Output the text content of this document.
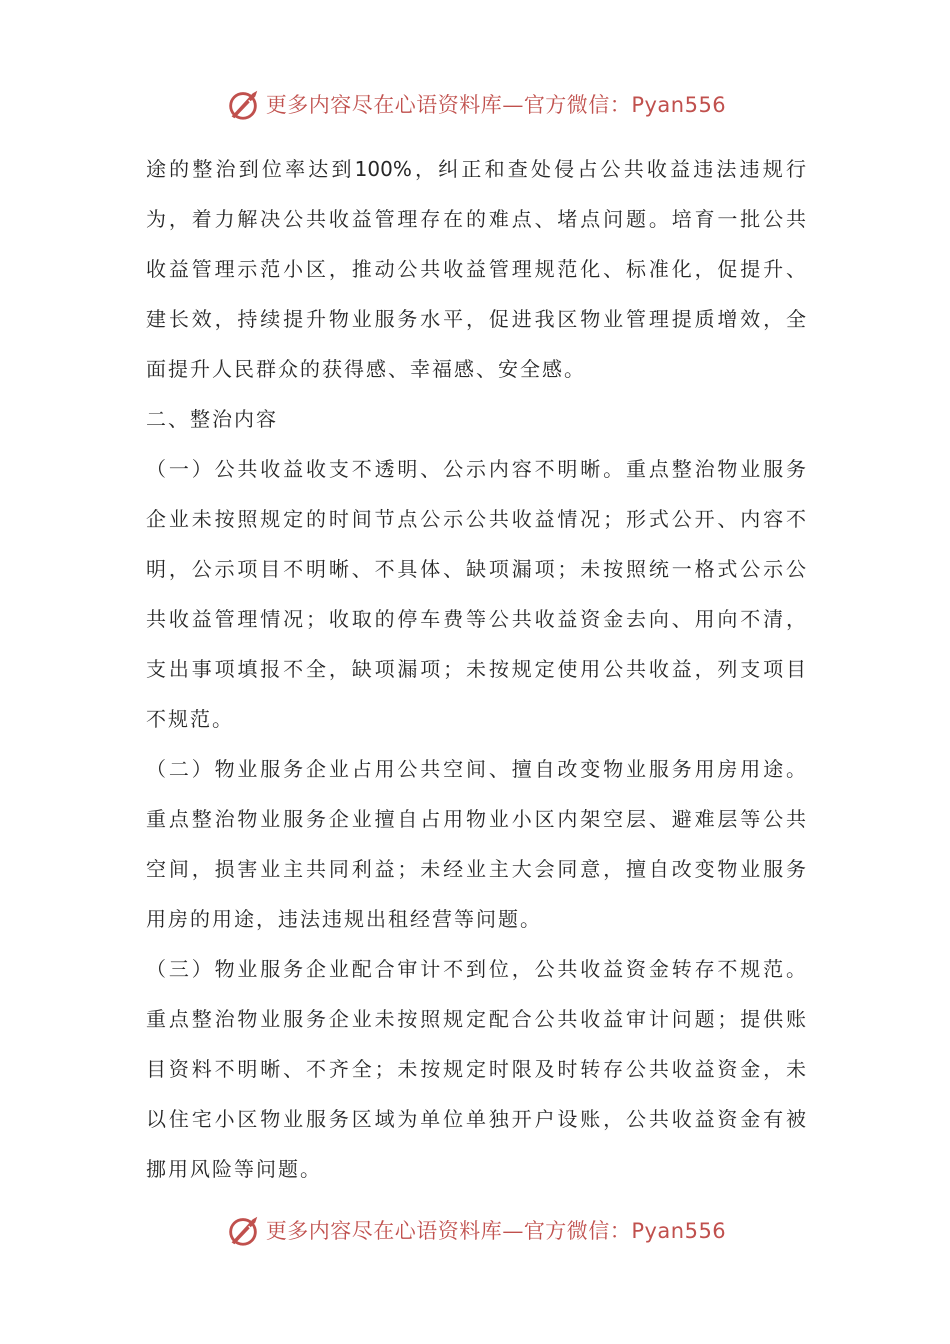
更多内容尽在心语资料库—官方微信：Pyan556
途的整治到位率达到100%，纠正和查处侵占公共收益违法违规行
为，着力解决公共收益管理存在的难点、堵点问题。培育一批公共
收益管理示范小区，推动公共收益管理规范化、标准化，促提升、
建长效，持续提升物业服务水平，促进我区物业管理提质增效，全
面提升人民群众的获得感、幸福感、安全感。
二、整治内容
（一）公共收益收支不透明、公示内容不明晰。重点整治物业服务
企业未按照规定的时间节点公示公共收益情况；形式公开、内容不
明，公示项目不明晰、不具体、缺项漏项；未按照统一格式公示公
共收益管理情况；收取的停车费等公共收益资金去向、用向不清，
支出事项填报不全，缺项漏项；未按规定使用公共收益，列支项目
不规范。
（二）物业服务企业占用公共空间、擅自改变物业服务用房用途。
重点整治物业服务企业擅自占用物业小区内架空层、避难层等公共
空间，损害业主共同利益；未经业主大会同意，擅自改变物业服务
用房的用途，违法违规出租经营等问题。
（三）物业服务企业配合审计不到位，公共收益资金转存不规范。
重点整治物业服务企业未按照规定配合公共收益审计问题；提供账
目资料不明晰、不齐全；未按规定时限及时转存公共收益资金，未
以住宅小区物业服务区域为单位单独开户设账，公共收益资金有被
挪用风险等问题。
更多内容尽在心语资料库—官方微信：Pyan556
